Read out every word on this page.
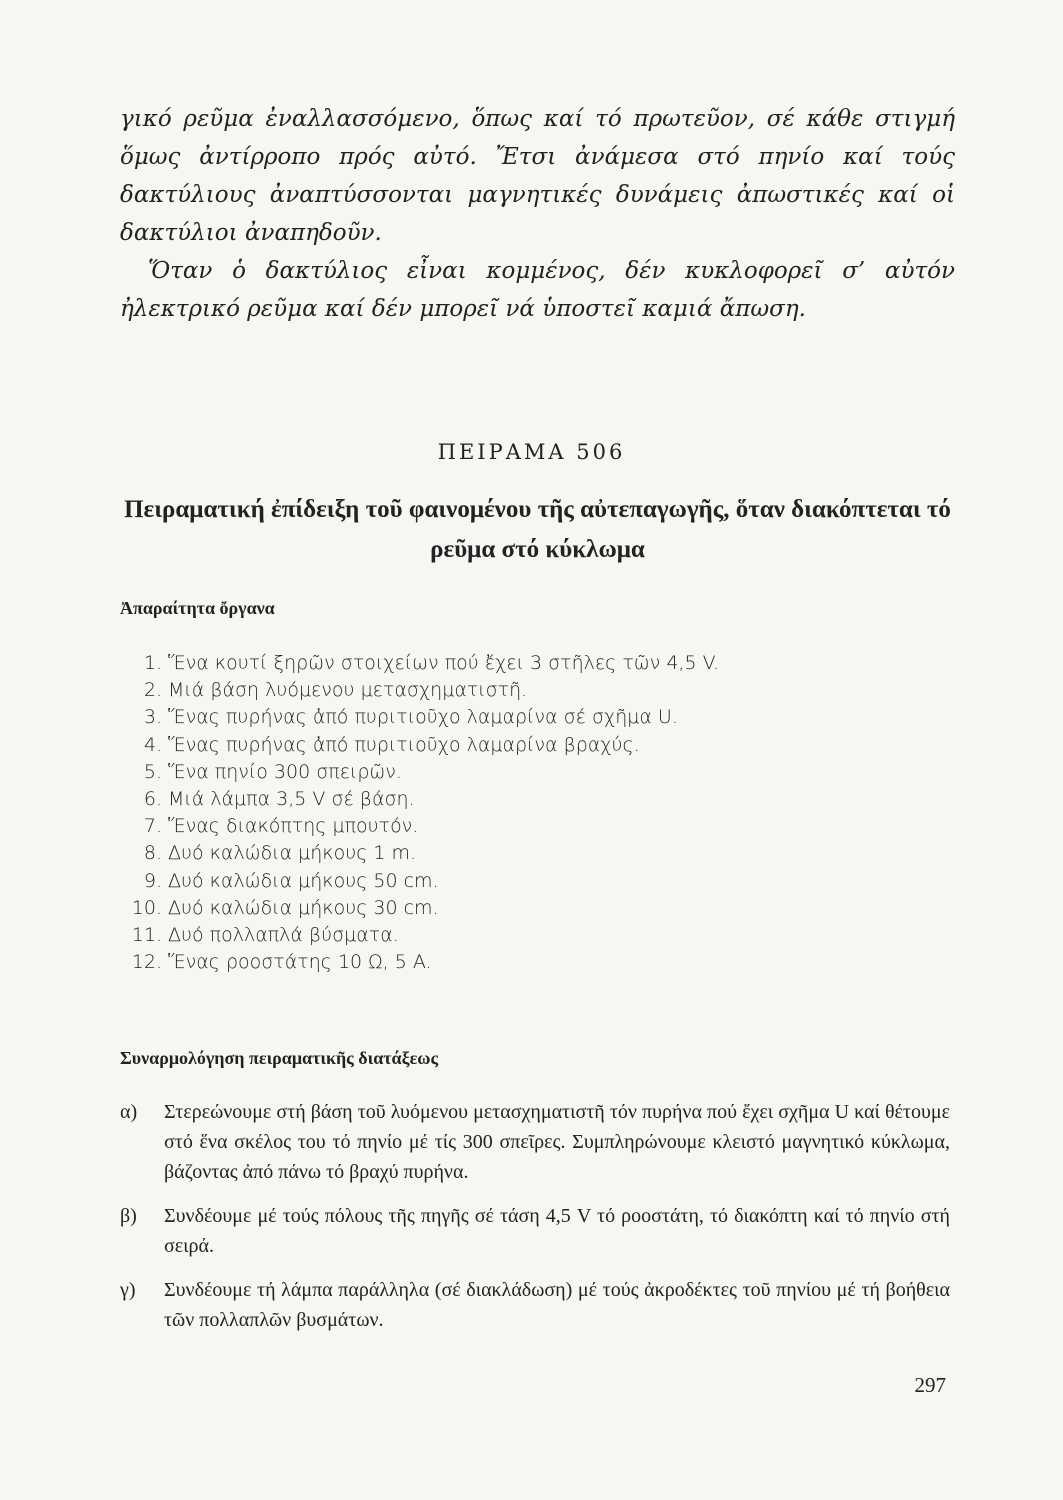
γικό ρεῦμα ἐναλλασσόμενο, ὅπως καί τό πρωτεῦον, σέ κάθε στιγμή ὅμως ἀντίρροπο πρός αὐτό. Ἔτσι ἀνάμεσα στό πηνίο καί τούς δακτύλιους ἀναπτύσσονται μαγνητικές δυνάμεις ἀπωστικές καί οἱ δακτύλιοι ἀναπηδοῦν.

Ὅταν ὁ δακτύλιος εἶναι κομμένος, δέν κυκλοφορεῖ σ’ αὐτόν ἠλεκτρικό ρεῦμα καί δέν μπορεῖ νά ὑποστεῖ καμιά ἄπωση.

ΠΕΙΡΑΜΑ 506
Πειραματική ἐπίδειξη τοῦ φαινομένου τῆς αὐτεπαγωγῆς, ὅταν διακόπτεται τό ρεῦμα στό κύκλωμα
Ἀπαραίτητα ὄργανα
1. Ἕνα κουτί ξηρῶν στοιχείων πού ἔχει 3 στῆλες τῶν 4,5 V.
2. Μιά βάση λυόμενου μετασχηματιστῆ.
3. Ἕνας πυρήνας ἀπό πυριτιοῦχο λαμαρίνα σέ σχῆμα U.
4. Ἕνας πυρήνας ἀπό πυριτιοῦχο λαμαρίνα βραχύς.
5. Ἕνα πηνίο 300 σπειρῶν.
6. Μιά λάμπα 3,5 V σέ βάση.
7. Ἕνας διακόπτης μπουτόν.
8. Δυό καλώδια μήκους 1 m.
9. Δυό καλώδια μήκους 50 cm.
10. Δυό καλώδια μήκους 30 cm.
11. Δυό πολλαπλά βύσματα.
12. Ἕνας ροοστάτης 10 Ω, 5 A.
Συναρμολόγηση πειραματικῆς διατάξεως
α)	Στερεώνουμε στή βάση τοῦ λυόμενου μετασχηματιστῆ τόν πυρήνα πού ἔχει σχῆμα U καί θέτουμε στό ἕνα σκέλος του τό πηνίο μέ τίς 300 σπεῖρες. Συμπληρώνουμε κλειστό μαγνητικό κύκλωμα, βάζοντας ἀπό πάνω τό βραχύ πυρήνα.
β)	Συνδέουμε μέ τούς πόλους τῆς πηγῆς σέ τάση 4,5 V τό ροοστάτη, τό διακόπτη καί τό πηνίο στή σειρά.
γ)	Συνδέουμε τή λάμπα παράλληλα (σέ διακλάδωση) μέ τούς ἀκροδέκτες τοῦ πηνίου μέ τή βοήθεια τῶν πολλαπλῶν βυσμάτων.
297
